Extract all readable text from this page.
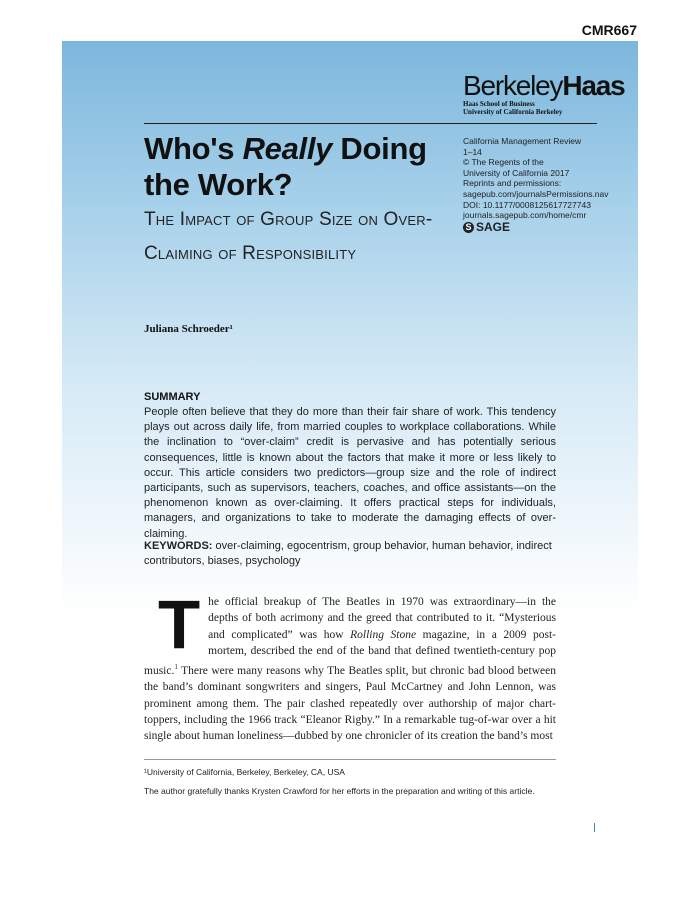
CMR667
BerkeleyHaas
Haas School of Business
University of California Berkeley
Who's Really Doing the Work?
The Impact of Group Size on Over-Claiming of Responsibility
California Management Review
1–14
© The Regents of the
University of California 2017
Reprints and permissions:
sagepub.com/journalsPermissions.nav
DOI: 10.1177/0008125617727743
journals.sagepub.com/home/cmr
S SAGE
Juliana Schroeder¹
SUMMARY
People often believe that they do more than their fair share of work. This tendency plays out across daily life, from married couples to workplace collaborations. While the inclination to “over-claim” credit is pervasive and has potentially serious consequences, little is known about the factors that make it more or less likely to occur. This article considers two predictors—group size and the role of indirect participants, such as supervisors, teachers, coaches, and office assistants—on the phenomenon known as over-claiming. It offers practical steps for individuals, managers, and organizations to take to moderate the damaging effects of over-claiming.
KEYWORDS: over-claiming, egocentrism, group behavior, human behavior, indirect contributors, biases, psychology
The official breakup of The Beatles in 1970 was extraordinary—in the depths of both acrimony and the greed that contributed to it. “Mysterious and complicated” was how Rolling Stone magazine, in a 2009 post-mortem, described the end of the band that defined twentieth-century pop music.$^1$ There were many reasons why The Beatles split, but chronic bad blood between the band’s dominant songwriters and singers, Paul McCartney and John Lennon, was prominent among them. The pair clashed repeatedly over authorship of major chart-toppers, including the 1966 track “Eleanor Rigby.” In a remarkable tug-of-war over a hit single about human loneliness—dubbed by one chronicler of its creation the band’s most
¹University of California, Berkeley, Berkeley, CA, USA
The author gratefully thanks Krysten Crawford for her efforts in the preparation and writing of this article.
